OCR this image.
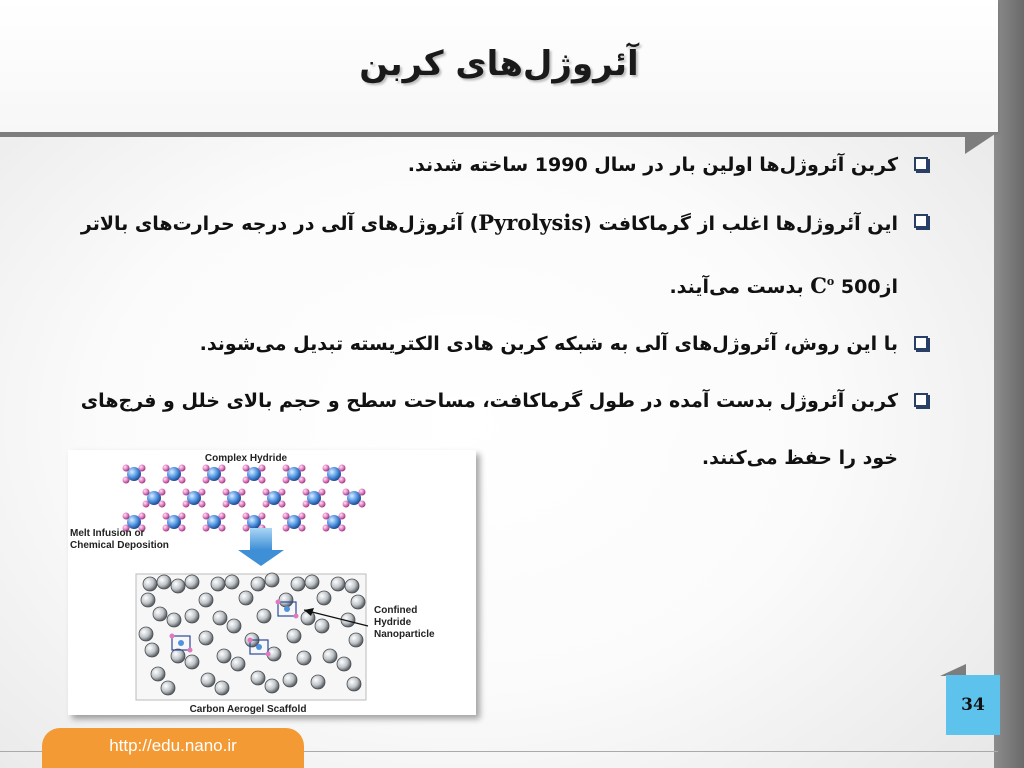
آئروژل‌های کربن

کربن آئروژل‌ها اولین بار در سال 1990 ساخته شدند.

این آئروژل‌ها اغلب از گرماکافت (Pyrolysis) آئروژل‌های آلی در درجه حرارت‌های بالاتر
ازC$^o$ 500 بدست می‌آیند.

با این روش، آئروژل‌های آلی به شبکه کربن هادی الکتریسته تبدیل می‌شوند.

کربن آئروژل بدست آمده در طول گرماکافت، مساحت سطح و حجم بالای خلل و فرج‌های
خود را حفظ می‌کنند.

Complex Hydride
Melt Infusion or
Chemical Deposition
Confined
Hydride
Nanoparticle
Carbon Aerogel Scaffold	34
http://edu.nano.ir
